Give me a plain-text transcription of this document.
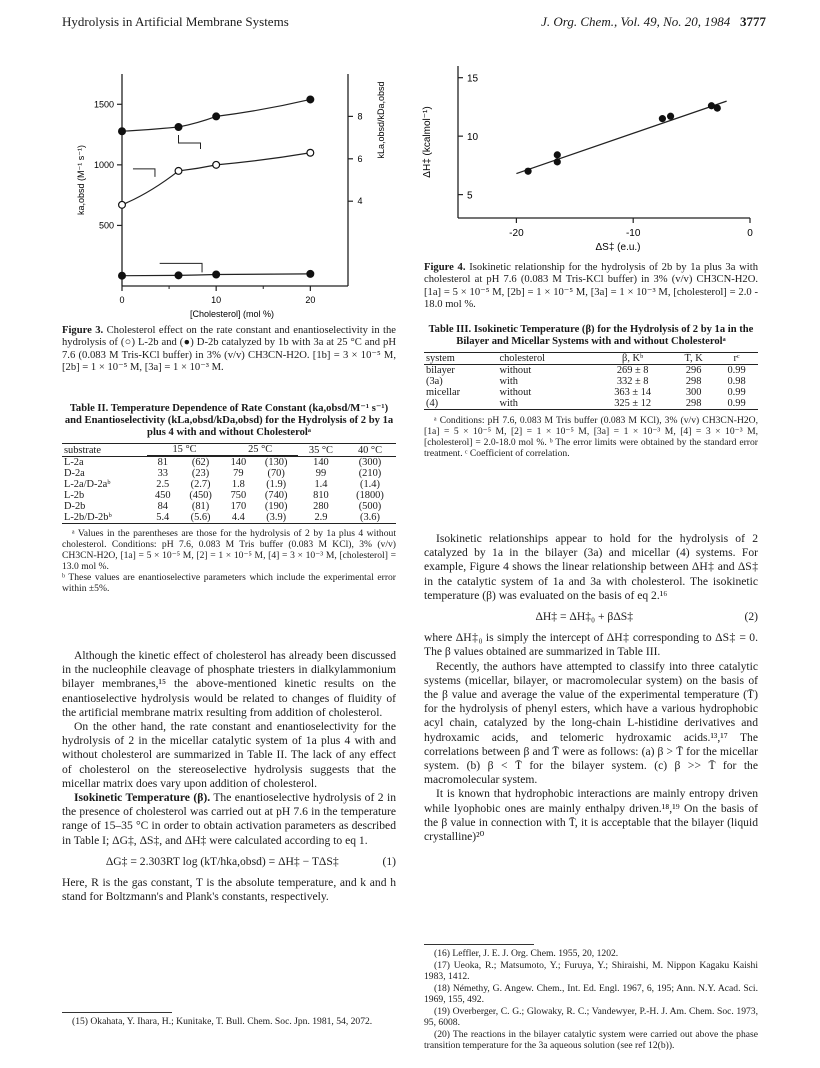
Hydrolysis in Artificial Membrane Systems	J. Org. Chem., Vol. 49, No. 20, 1984 3777
0	10	20
500
1000
1500
4
6
8
ka,obsd (M⁻¹ s⁻¹)
kLa,obsd/kDa,obsd
[Cholesterol] (mol %)
Figure 3. Cholesterol effect on the rate constant and enantioselectivity in the hydrolysis of (○) L-2b and (●) D-2b catalyzed by 1b with 3a at 25 °C and pH 7.6 (0.083 M Tris-KCl buffer) in 3% (v/v) CH3CN-H2O. [1b] = 3 × 10⁻⁵ M, [2b] = 1 × 10⁻⁵ M, [3a] = 1 × 10⁻³ M.
Table II. Temperature Dependence of Rate Constant (ka,obsd/M⁻¹ s⁻¹) and Enantioselectivity (kLa,obsd/kDa,obsd) for the Hydrolysis of 2 by 1a plus 4 with and without Cholesterolᵃ
substrate	15 °C		25 °C		35 °C	40 °C

L-2a	81	(62)	140	(130)	140	(300)
D-2a	33	(23)	79	(70)	99	(210)
L-2a/D-2aᵇ	2.5	(2.7)	1.8	(1.9)	1.4	(1.4)
L-2b	450	(450)	750	(740)	810	(1800)
D-2b	84	(81)	170	(190)	280	(500)
L-2b/D-2bᵇ	5.4	(5.6)	4.4	(3.9)	2.9	(3.6)
ᵃ Values in the parentheses are those for the hydrolysis of 2 by 1a plus 4 without cholesterol. Conditions: pH 7.6, 0.083 M Tris buffer (0.083 M KCl), 3% (v/v) CH3CN-H2O, [1a] = 5 × 10⁻⁵ M, [2] = 1 × 10⁻⁵ M, [4] = 3 × 10⁻³ M, [cholesterol] = 13.0 mol %.
ᵇ These values are enantioselective parameters which include the experimental error within ±5%.

Although the kinetic effect of cholesterol has already been discussed in the nucleophile cleavage of phosphate triesters in dialkylammonium bilayer membranes,¹⁵ the above-mentioned kinetic results on the enantioselective hydrolysis would be related to changes of fluidity of the artificial membrane matrix resulting from addition of cholesterol.

On the other hand, the rate constant and enantioselectivity for the hydrolysis of 2 in the micellar catalytic system of 1a plus 4 with and without cholesterol are summarized in Table II. The lack of any effect of cholesterol on the stereoselective hydrolysis suggests that the micellar matrix does vary upon addition of cholesterol.

Isokinetic Temperature (β). The enantioselective hydrolysis of 2 in the presence of cholesterol was carried out at pH 7.6 in the temperature range of 15–35 °C in order to obtain activation parameters as described in Table I; ΔG‡, ΔS‡, and ΔH‡ were calculated according to eq 1.

ΔG‡ = 2.303RT log (kT/hka,obsd) = ΔH‡ − TΔS‡	(1)

Here, R is the gas constant, T is the absolute temperature, and k and h stand for Boltzmann's and Plank's constants, respectively.

(15) Okahata, Y. Ihara, H.; Kunitake, T. Bull. Chem. Soc. Jpn. 1981, 54, 2072.

-20	-10	0
5
10
15
ΔH‡ (kcalmol⁻¹)
ΔS‡ (e.u.)
Figure 4. Isokinetic relationship for the hydrolysis of 2b by 1a plus 3a with cholesterol at pH 7.6 (0.083 M Tris-KCl buffer) in 3% (v/v) CH3CN-H2O. [1a] = 5 × 10⁻⁵ M, [2b] = 1 × 10⁻⁵ M, [3a] = 1 × 10⁻³ M, [cholesterol] = 2.0 - 18.0 mol %.
Table III. Isokinetic Temperature (β) for the Hydrolysis of 2 by 1a in the Bilayer and Micellar Systems with and without Cholesterolᵃ
system	cholesterol	β, Kᵇ	T̄, K	rᶜ
bilayer	without	269 ± 8	296	0.99
(3a)	with	332 ± 8	298	0.98
micellar	without	363 ± 14	300	0.99
(4)	with	325 ± 12	298	0.99
ᵃ Conditions: pH 7.6, 0.083 M Tris buffer (0.083 M KCl), 3% (v/v) CH3CN-H2O, [1a] = 5 × 10⁻⁵ M, [2] = 1 × 10⁻⁵ M, [3a] = 1 × 10⁻³ M, [4] = 3 × 10⁻³ M, [cholesterol] = 2.0-18.0 mol %. ᵇ The error limits were obtained by the standard error treatment. ᶜ Coefficient of correlation.

Isokinetic relationships appear to hold for the hydrolysis of 2 catalyzed by 1a in the bilayer (3a) and micellar (4) systems. For example, Figure 4 shows the linear relationship between ΔH‡ and ΔS‡ in the catalytic system of 1a and 3a with cholesterol. The isokinetic temperature (β) was evaluated on the basis of eq 2.¹⁶

ΔH‡ = ΔH‡₀ + βΔS‡	(2)

where ΔH‡₀ is simply the intercept of ΔH‡ corresponding to ΔS‡ = 0. The β values obtained are summarized in Table III.

Recently, the authors have attempted to classify into three catalytic systems (micellar, bilayer, or macromolecular system) on the basis of the β value and average the value of the experimental temperature (T̄) for the hydrolysis of phenyl esters, which have a various hydrophobic acyl chain, catalyzed by the long-chain L-histidine derivatives and hydroxamic acids, and telomeric hydroxamic acids.¹³,¹⁷ The correlations between β and T̄ were as follows: (a) β > T̄ for the micellar system. (b) β < T̄ for the bilayer system. (c) β >> T̄ for the macromolecular system.

It is known that hydrophobic interactions are mainly entropy driven while lyophobic ones are mainly enthalpy driven.¹⁸,¹⁹ On the basis of the β value in connection with T̄, it is acceptable that the bilayer (liquid crystalline)²⁰

(16) Leffler, J. E. J. Org. Chem. 1955, 20, 1202.

(17) Ueoka, R.; Matsumoto, Y.; Furuya, Y.; Shiraishi, M. Nippon Kagaku Kaishi 1983, 1412.

(18) Némethy, G. Angew. Chem., Int. Ed. Engl. 1967, 6, 195; Ann. N.Y. Acad. Sci. 1969, 155, 492.

(19) Overberger, C. G.; Glowaky, R. C.; Vandewyer, P.-H. J. Am. Chem. Soc. 1973, 95, 6008.

(20) The reactions in the bilayer catalytic system were carried out above the phase transition temperature for the 3a aqueous solution (see ref 12(b)).
